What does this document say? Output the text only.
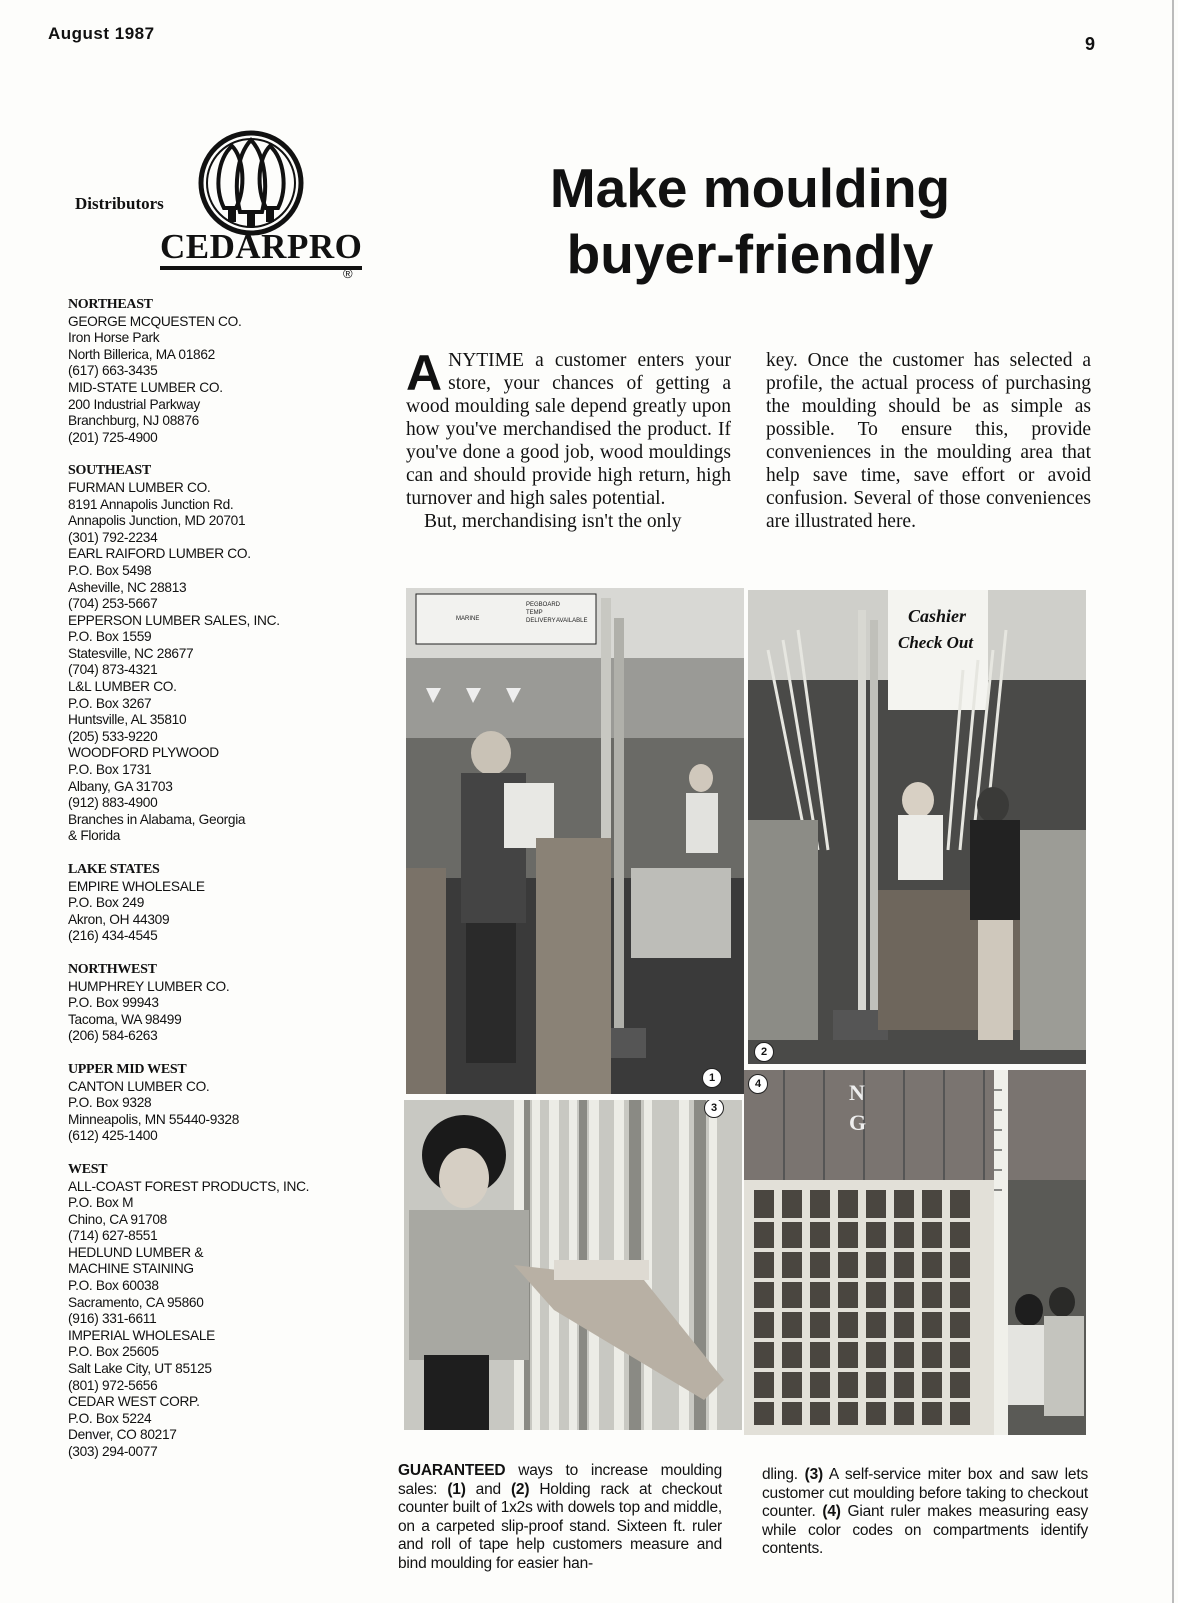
August 1987
9
Distributors
CEDARPRO
®
NORTHEAST
GEORGE MCQUESTEN CO.
Iron Horse Park
North Billerica, MA 01862
(617) 663-3435
MID-STATE LUMBER CO.
200 Industrial Parkway
Branchburg, NJ 08876
(201) 725-4900
SOUTHEAST
FURMAN LUMBER CO.
8191 Annapolis Junction Rd.
Annapolis Junction, MD 20701
(301) 792-2234
EARL RAIFORD LUMBER CO.
P.O. Box 5498
Asheville, NC 28813
(704) 253-5667
EPPERSON LUMBER SALES, INC.
P.O. Box 1559
Statesville, NC 28677
(704) 873-4321
L&L LUMBER CO.
P.O. Box 3267
Huntsville, AL 35810
(205) 533-9220
WOODFORD PLYWOOD
P.O. Box 1731
Albany, GA 31703
(912) 883-4900
Branches in Alabama, Georgia
& Florida
LAKE STATES
EMPIRE WHOLESALE
P.O. Box 249
Akron, OH 44309
(216) 434-4545
NORTHWEST
HUMPHREY LUMBER CO.
P.O. Box 99943
Tacoma, WA 98499
(206) 584-6263
UPPER MID WEST
CANTON LUMBER CO.
P.O. Box 9328
Minneapolis, MN 55440-9328
(612) 425-1400
WEST
ALL-COAST FOREST PRODUCTS, INC.
P.O. Box M
Chino, CA 91708
(714) 627-8551
HEDLUND LUMBER &
MACHINE STAINING
P.O. Box 60038
Sacramento, CA 95860
(916) 331-6611
IMPERIAL WHOLESALE
P.O. Box 25605
Salt Lake City, UT 85125
(801) 972-5656
CEDAR WEST CORP.
P.O. Box 5224
Denver, CO 80217
(303) 294-0077
Make moulding
buyer-friendly
A NYTIME a customer enters your store, your chances of getting a wood moulding sale depend greatly upon how you've merchandised the product. If you've done a good job, wood mouldings can and should provide high return, high turnover and high sales potential.
But, merchandising isn't the only
key. Once the customer has selected a profile, the actual process of purchasing the moulding should be as simple as possible. To ensure this, provide conveniences in the moulding area that help save time, save effort or avoid confusion. Several of those conveniences are illustrated here.
PEGBOARD
TEMP
DELIVERY AVAILABLE
MARINE
1
Cashier
Check Out
2
3
N
G
4
GUARANTEED ways to increase moulding sales: (1) and (2) Holding rack at checkout counter built of 1x2s with dowels top and middle, on a carpeted slip-proof stand. Sixteen ft. ruler and roll of tape help customers measure and bind moulding for easier han-
dling. (3) A self-service miter box and saw lets customer cut moulding before taking to checkout counter. (4) Giant ruler makes measuring easy while color codes on compartments identify contents.
